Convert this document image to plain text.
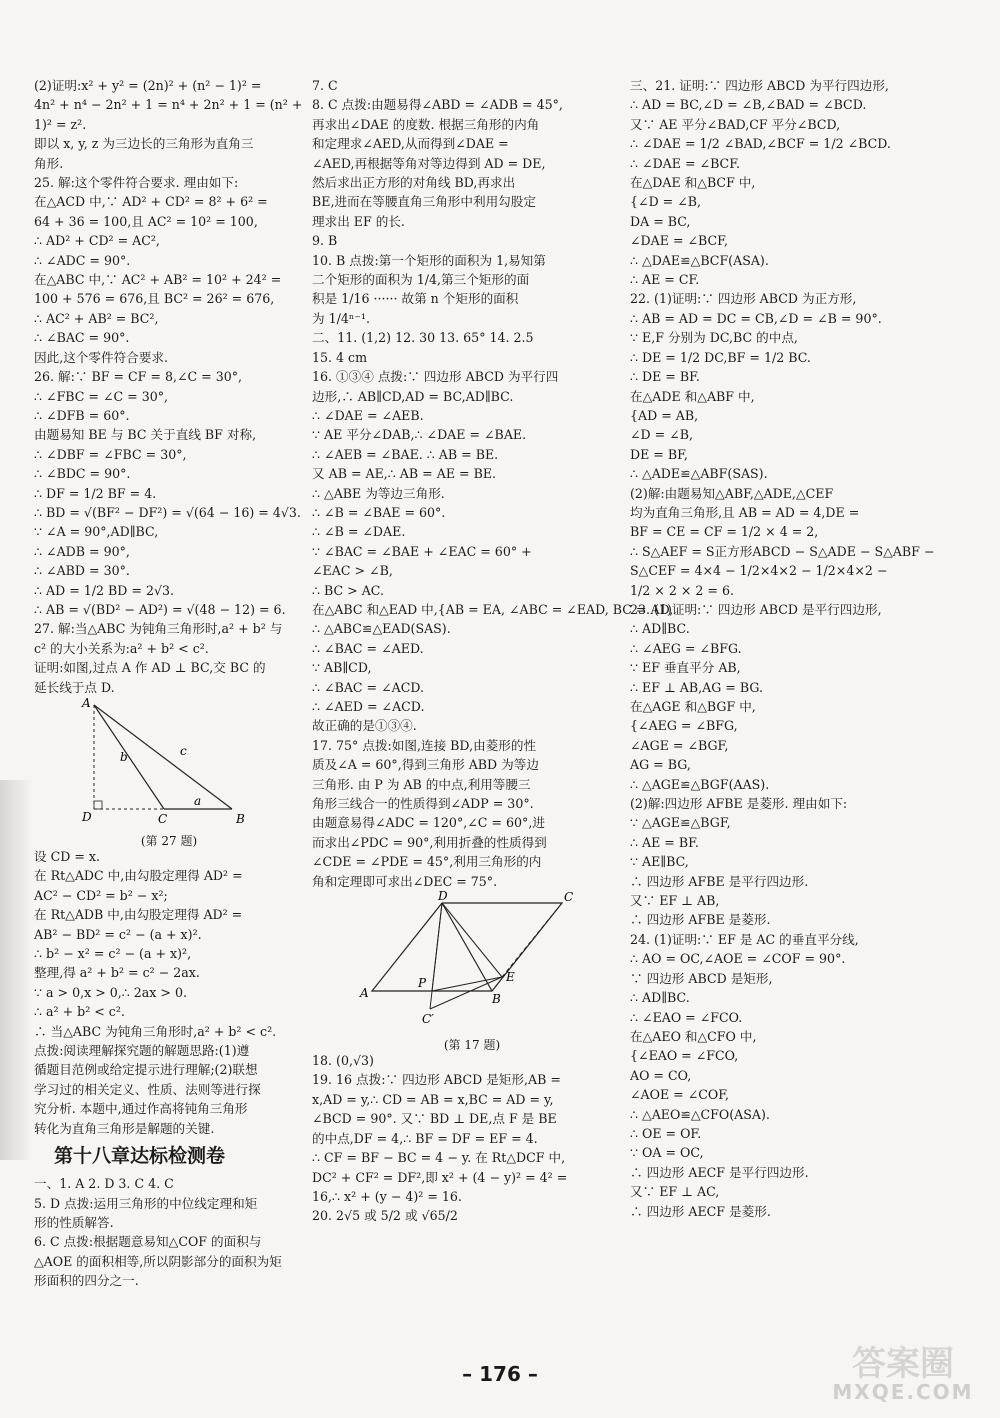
(2)证明:x² + y² = (2n)² + (n² − 1)² =
4n² + n⁴ − 2n² + 1 = n⁴ + 2n² + 1 = (n² +
1)² = z².
即以 x, y, z 为三边长的三角形为直角三
角形.
25. 解:这个零件符合要求. 理由如下:
在△ACD 中,∵ AD² + CD² = 8² + 6² =
64 + 36 = 100,且 AC² = 10² = 100,
∴ AD² + CD² = AC²,
∴ ∠ADC = 90°.
在△ABC 中,∵ AC² + AB² = 10² + 24² =
100 + 576 = 676,且 BC² = 26² = 676,
∴ AC² + AB² = BC²,
∴ ∠BAC = 90°.
因此,这个零件符合要求.
26. 解:∵ BF = CF = 8,∠C = 30°,
∴ ∠FBC = ∠C = 30°,
∴ ∠DFB = 60°.
由题易知 BE 与 BC 关于直线 BF 对称,
∴ ∠DBF = ∠FBC = 30°,
∴ ∠BDC = 90°.
∴ DF = 1/2 BF = 4.
∴ BD = √(BF² − DF²) = √(64 − 16) = 4√3.
∵ ∠A = 90°,AD∥BC,
∴ ∠ADB = 90°,
∴ ∠ABD = 30°.
∴ AD = 1/2 BD = 2√3.
∴ AB = √(BD² − AD²) = √(48 − 12) = 6.
27. 解:当△ABC 为钝角三角形时,a² + b² 与
c² 的大小关系为:a² + b² < c².
证明:如图,过点 A 作 AD ⊥ BC,交 BC 的
延长线于点 D.
A
D	C	B
a
b	c
(第 27 题)
设 CD = x.
在 Rt△ADC 中,由勾股定理得 AD² =
AC² − CD² = b² − x²;
在 Rt△ADB 中,由勾股定理得 AD² =
AB² − BD² = c² − (a + x)².
∴ b² − x² = c² − (a + x)²,
整理,得 a² + b² = c² − 2ax.
∵ a > 0,x > 0,∴ 2ax > 0.
∴ a² + b² < c².
∴ 当△ABC 为钝角三角形时,a² + b² < c².
点拨:阅读理解探究题的解题思路:(1)遵
循题目范例或给定提示进行理解;(2)联想
学习过的相关定义、性质、法则等进行探
究分析. 本题中,通过作高将钝角三角形
转化为直角三角形是解题的关键.
第十八章达标检测卷
一、1. A 2. D 3. C 4. C
5. D 点拨:运用三角形的中位线定理和矩
形的性质解答.
6. C 点拨:根据题意易知△COF 的面积与
△AOE 的面积相等,所以阴影部分的面积为矩
形面积的四分之一.
7. C
8. C 点拨:由题易得∠ABD = ∠ADB = 45°,
再求出∠DAE 的度数. 根据三角形的内角
和定理求∠AED,从而得到∠DAE =
∠AED,再根据等角对等边得到 AD = DE,
然后求出正方形的对角线 BD,再求出
BE,进而在等腰直角三角形中利用勾股定
理求出 EF 的长.
9. B
10. B 点拨:第一个矩形的面积为 1,易知第
二个矩形的面积为 1/4,第三个矩形的面
积是 1/16 ······ 故第 n 个矩形的面积
为 1/4ⁿ⁻¹.
二、11. (1,2) 12. 30 13. 65° 14. 2.5
15. 4 cm
16. ①③④ 点拨:∵ 四边形 ABCD 为平行四
边形,∴ AB∥CD,AD = BC,AD∥BC.
∴ ∠DAE = ∠AEB.
∵ AE 平分∠DAB,∴ ∠DAE = ∠BAE.
∴ ∠AEB = ∠BAE. ∴ AB = BE.
又 AB = AE,∴ AB = AE = BE.
∴ △ABE 为等边三角形.
∴ ∠B = ∠BAE = 60°.
∴ ∠B = ∠DAE.
∵ ∠BAC = ∠BAE + ∠EAC = 60° +
∠EAC > ∠B,
∴ BC > AC.
在△ABC 和△EAD 中,{AB = EA, ∠ABC = ∠EAD, BC = AD,
∴ △ABC≌△EAD(SAS).
∴ ∠BAC = ∠AED.
∵ AB∥CD,
∴ ∠BAC = ∠ACD.
∴ ∠AED = ∠ACD.
故正确的是①③④.
17. 75° 点拨:如图,连接 BD,由菱形的性
质及∠A = 60°,得到三角形 ABD 为等边
三角形. 由 P 为 AB 的中点,利用等腰三
角形三线合一的性质得到∠ADP = 30°.
由题意易得∠ADC = 120°,∠C = 60°,进
而求出∠PDC = 90°,利用折叠的性质得到
∠CDE = ∠PDE = 45°,利用三角形的内
角和定理即可求出∠DEC = 75°.
D	C
A
P
B
E
C′
(第 17 题)
18. (0,√3)
19. 16 点拨:∵ 四边形 ABCD 是矩形,AB =
x,AD = y,∴ CD = AB = x,BC = AD = y,
∠BCD = 90°. 又∵ BD ⊥ DE,点 F 是 BE
的中点,DF = 4,∴ BF = DF = EF = 4.
∴ CF = BF − BC = 4 − y. 在 Rt△DCF 中,
DC² + CF² = DF²,即 x² + (4 − y)² = 4² =
16,∴ x² + (y − 4)² = 16.
20. 2√5 或 5/2 或 √65/2
三、21. 证明:∵ 四边形 ABCD 为平行四边形,
∴ AD = BC,∠D = ∠B,∠BAD = ∠BCD.
又∵ AE 平分∠BAD,CF 平分∠BCD,
∴ ∠DAE = 1/2 ∠BAD,∠BCF = 1/2 ∠BCD.
∴ ∠DAE = ∠BCF.
在△DAE 和△BCF 中,
{∠D = ∠B,
DA = BC,
∠DAE = ∠BCF,
∴ △DAE≌△BCF(ASA).
∴ AE = CF.
22. (1)证明:∵ 四边形 ABCD 为正方形,
∴ AB = AD = DC = CB,∠D = ∠B = 90°.
∵ E,F 分别为 DC,BC 的中点,
∴ DE = 1/2 DC,BF = 1/2 BC.
∴ DE = BF.
在△ADE 和△ABF 中,
{AD = AB,
∠D = ∠B,
DE = BF,
∴ △ADE≌△ABF(SAS).
(2)解:由题易知△ABF,△ADE,△CEF
均为直角三角形,且 AB = AD = 4,DE =
BF = CE = CF = 1/2 × 4 = 2,
∴ S△AEF = S正方形ABCD − S△ADE − S△ABF −
S△CEF = 4×4 − 1/2×4×2 − 1/2×4×2 −
1/2 × 2 × 2 = 6.
23. (1)证明:∵ 四边形 ABCD 是平行四边形,
∴ AD∥BC.
∴ ∠AEG = ∠BFG.
∵ EF 垂直平分 AB,
∴ EF ⊥ AB,AG = BG.
在△AGE 和△BGF 中,
{∠AEG = ∠BFG,
∠AGE = ∠BGF,
AG = BG,
∴ △AGE≌△BGF(AAS).
(2)解:四边形 AFBE 是菱形. 理由如下:
∵ △AGE≌△BGF,
∴ AE = BF.
∵ AE∥BC,
∴ 四边形 AFBE 是平行四边形.
又∵ EF ⊥ AB,
∴ 四边形 AFBE 是菱形.
24. (1)证明:∵ EF 是 AC 的垂直平分线,
∴ AO = OC,∠AOE = ∠COF = 90°.
∵ 四边形 ABCD 是矩形,
∴ AD∥BC.
∴ ∠EAO = ∠FCO.
在△AEO 和△CFO 中,
{∠EAO = ∠FCO,
AO = CO,
∠AOE = ∠COF,
∴ △AEO≌△CFO(ASA).
∴ OE = OF.
∵ OA = OC,
∴ 四边形 AECF 是平行四边形.
又∵ EF ⊥ AC,
∴ 四边形 AECF 是菱形.
– 176 –	答案圈
MXQE.COM
